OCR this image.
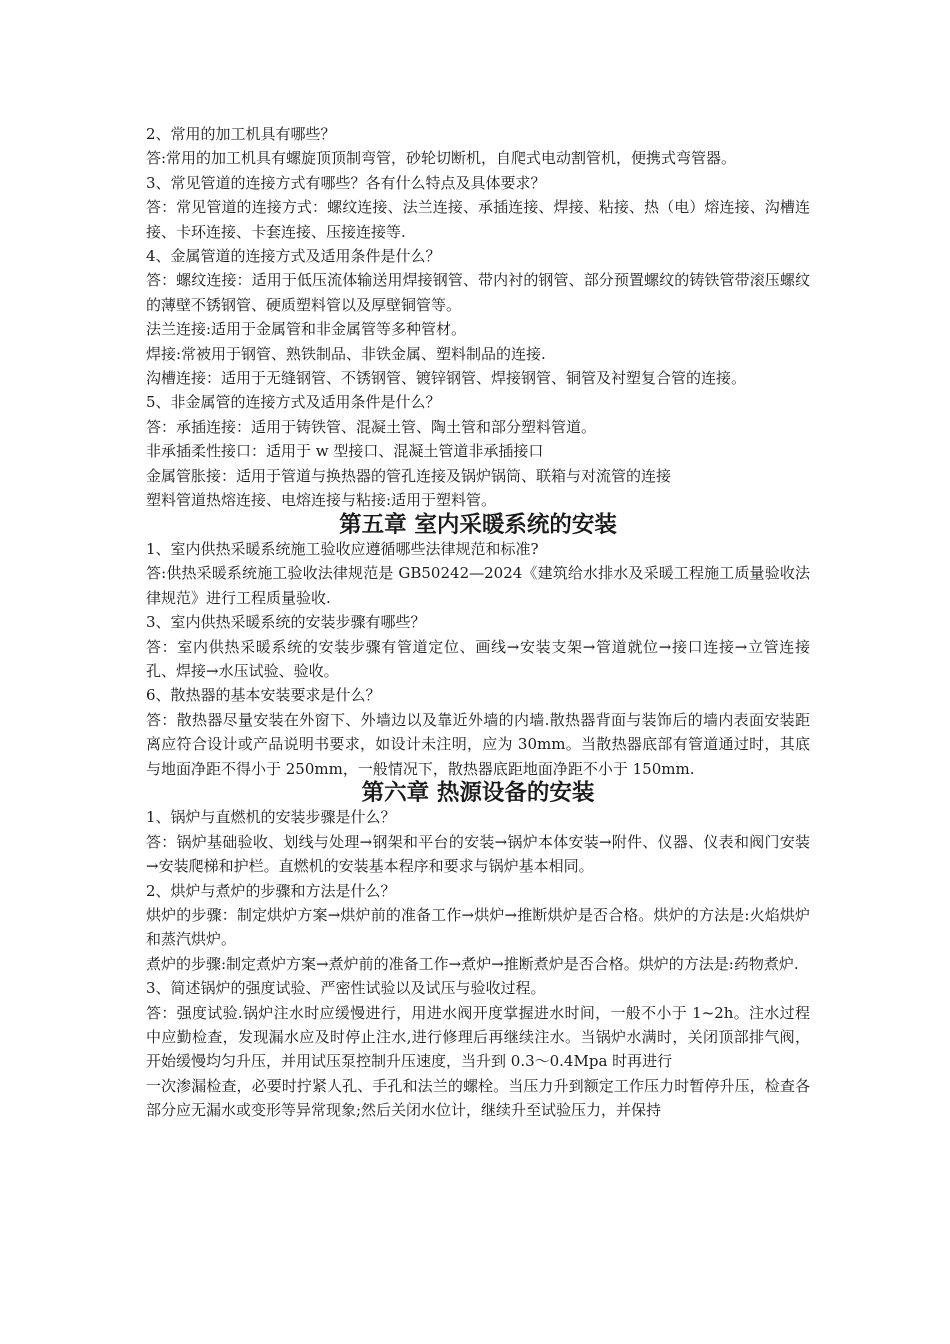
2、常用的加工机具有哪些？

答:常用的加工机具有螺旋顶顶制弯管，砂轮切断机，自爬式电动割管机，便携式弯管器。

3、常见管道的连接方式有哪些？各有什么特点及具体要求？

答：常见管道的连接方式：螺纹连接、法兰连接、承插连接、焊接、粘接、热（电）熔连接、沟槽连接、卡环连接、卡套连接、压接连接等.

4、金属管道的连接方式及适用条件是什么？

答：螺纹连接：适用于低压流体输送用焊接钢管、带内衬的钢管、部分预置螺纹的铸铁管带滚压螺纹的薄壁不锈钢管、硬质塑料管以及厚壁铜管等。

法兰连接:适用于金属管和非金属管等多种管材。

焊接:常被用于钢管、熟铁制品、非铁金属、塑料制品的连接.

沟槽连接：适用于无缝钢管、不锈钢管、镀锌钢管、焊接钢管、铜管及衬塑复合管的连接。

5、非金属管的连接方式及适用条件是什么？

答：承插连接：适用于铸铁管、混凝土管、陶土管和部分塑料管道。

非承插柔性接口：适用于 w 型接口、混凝土管道非承插接口

金属管胀接：适用于管道与换热器的管孔连接及锅炉锅筒、联箱与对流管的连接

塑料管道热熔连接、电熔连接与粘接:适用于塑料管。

第五章 室内采暖系统的安装

1、室内供热采暖系统施工验收应遵循哪些法律规范和标准?

答:供热采暖系统施工验收法律规范是 GB50242—2024《建筑给水排水及采暖工程施工质量验收法律规范》进行工程质量验收.

3、室内供热采暖系统的安装步骤有哪些？

答：室内供热采暖系统的安装步骤有管道定位、画线→安装支架→管道就位→接口连接→立管连接孔、焊接→水压试验、验收。

6、散热器的基本安装要求是什么？

答：散热器尽量安装在外窗下、外墙边以及靠近外墙的内墙.散热器背面与装饰后的墙内表面安装距离应符合设计或产品说明书要求，如设计未注明，应为 30mm。当散热器底部有管道通过时，其底与地面净距不得小于 250mm，一般情况下，散热器底距地面净距不小于 150mm.

第六章 热源设备的安装

1、锅炉与直燃机的安装步骤是什么？

答：锅炉基础验收、划线与处理→钢架和平台的安装→锅炉本体安装→附件、仪器、仪表和阀门安装→安装爬梯和护栏。直燃机的安装基本程序和要求与锅炉基本相同。

2、烘炉与煮炉的步骤和方法是什么？

烘炉的步骤：制定烘炉方案→烘炉前的准备工作→烘炉→推断烘炉是否合格。烘炉的方法是:火焰烘炉和蒸汽烘炉。

煮炉的步骤:制定煮炉方案→煮炉前的准备工作→煮炉→推断煮炉是否合格。烘炉的方法是:药物煮炉.

3、简述锅炉的强度试验、严密性试验以及试压与验收过程。

答：强度试验.锅炉注水时应缓慢进行，用进水阀开度掌握进水时间，一般不小于 1~2h。注水过程中应勤检查，发现漏水应及时停止注水,进行修理后再继续注水。当锅炉水满时，关闭顶部排气阀，开始缓慢均匀升压，并用试压泵控制升压速度，当升到 0.3～0.4Mpa 时再进行

一次渗漏检查，必要时拧紧人孔、手孔和法兰的螺栓。当压力升到额定工作压力时暂停升压，检查各部分应无漏水或变形等异常现象;然后关闭水位计，继续升至试验压力，并保持
